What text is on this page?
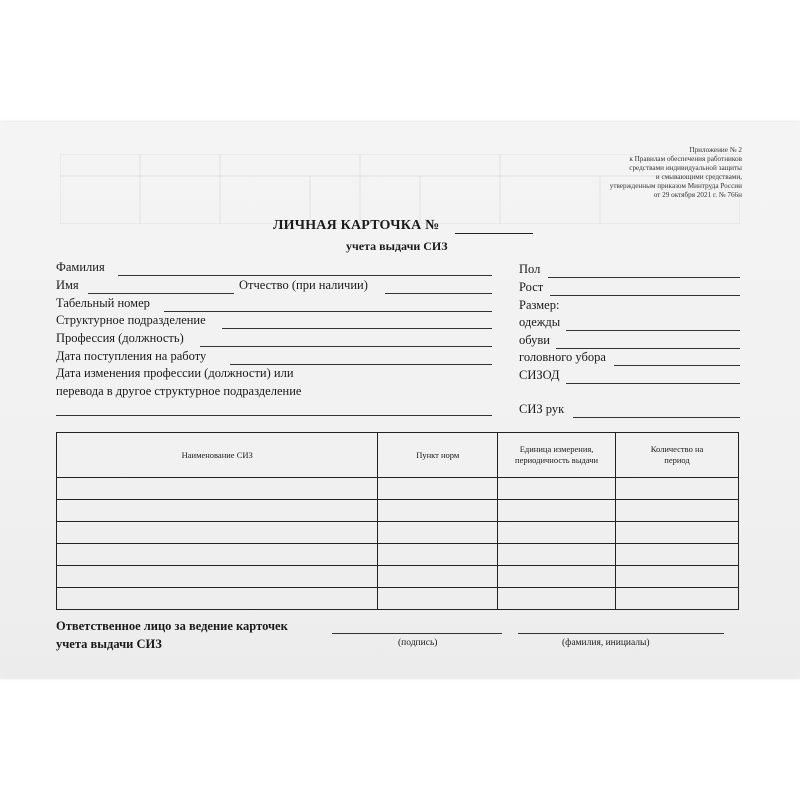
Приложение № 2
к Правилам обеспечения работников
средствами индивидуальной защиты
и смывающими средствами,
утвержденным приказом Минтруда России
от 29 октября 2021 г. № 766н
ЛИЧНАЯ КАРТОЧКА №
учета выдачи СИЗ
Фамилия
Имя	Отчество (при наличии)
Табельный номер
Структурное подразделение
Профессия (должность)
Дата поступления на работу
Дата изменения профессии (должности) или
перевода в другое структурное подразделение
Пол
Рост
Размер:
одежды
обуви
головного убора
СИЗОД
СИЗ рук
Наименование СИЗ	Пункт норм	Единица измерения, периодичность выдачи	Количество на период

Ответственное лицо за ведение карточек
учета выдачи СИЗ	(подпись)	(фамилия, инициалы)
